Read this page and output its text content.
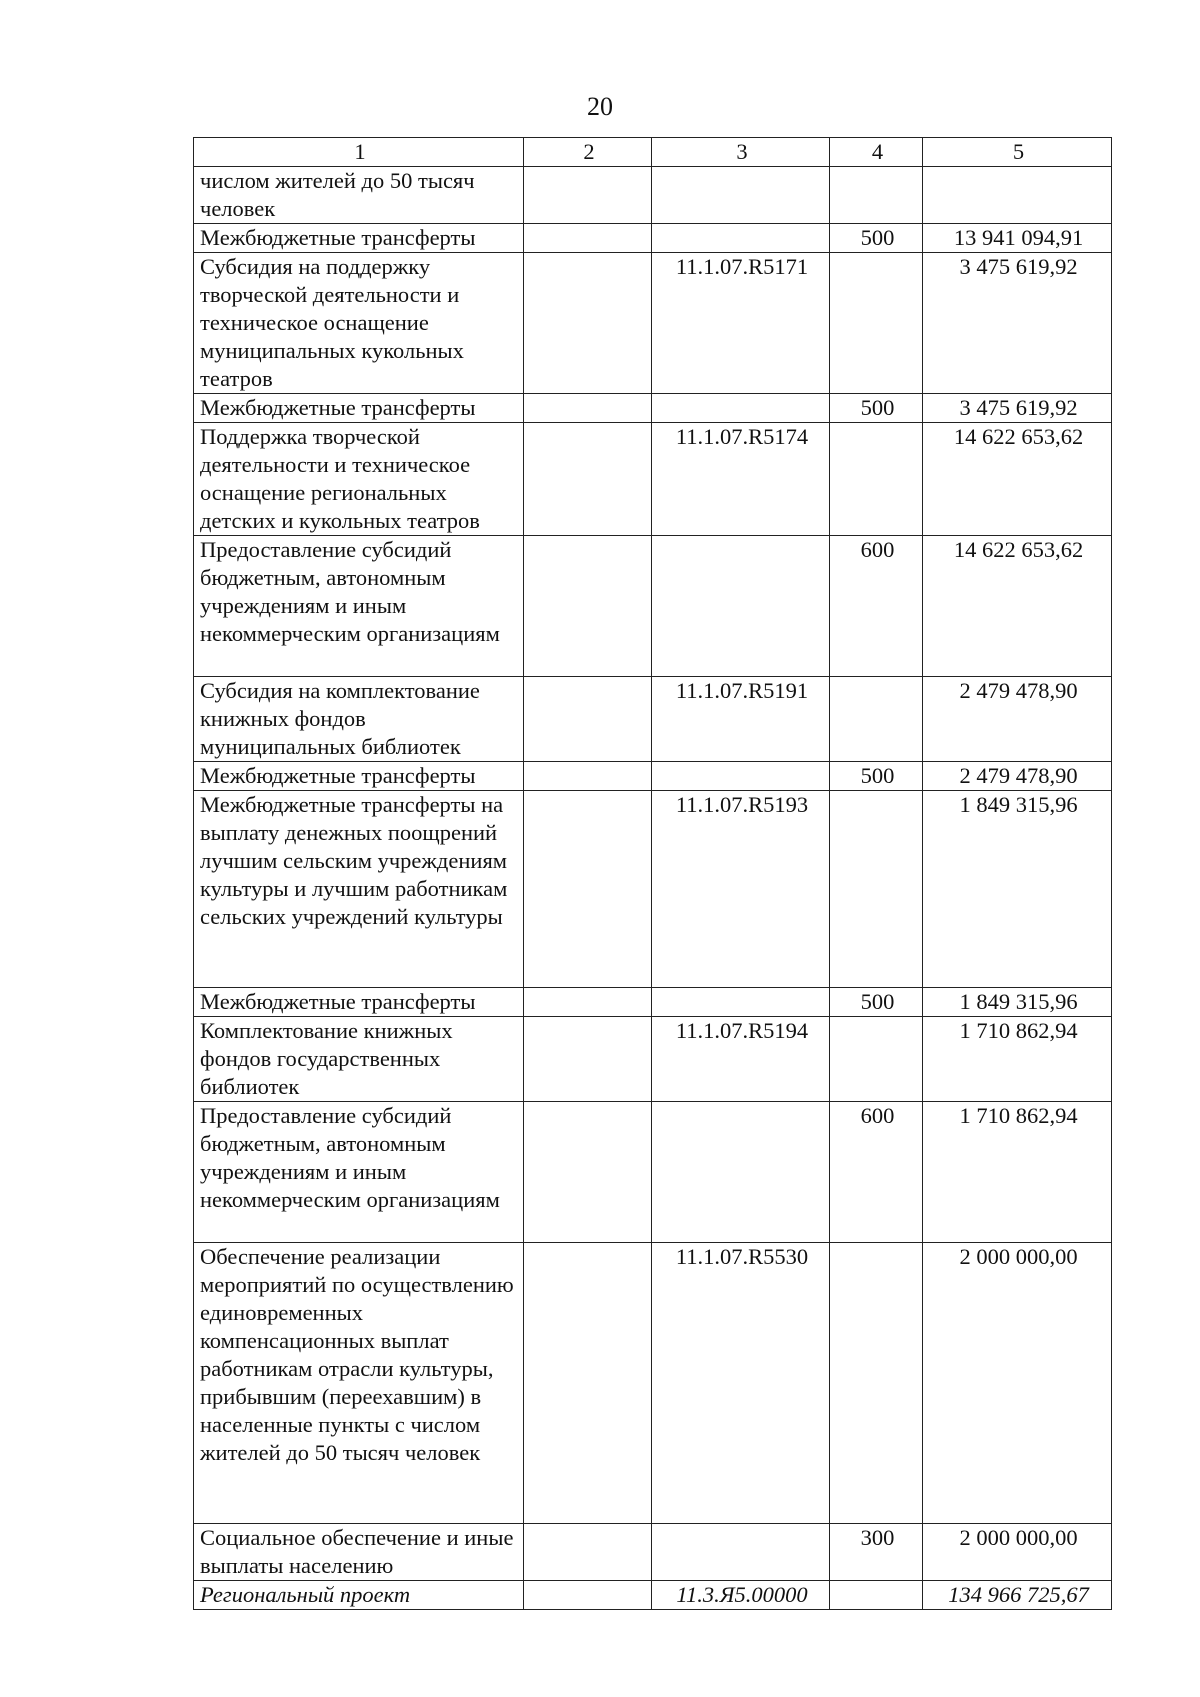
20
1	2	3	4	5
числом жителей до 50 тысяч человек				
Межбюджетные трансферты			500	13 941 094,91
Субсидия на поддержку творческой деятельности и техническое оснащение муниципальных кукольных театров		11.1.07.R5171		3 475 619,92
Межбюджетные трансферты			500	3 475 619,92
Поддержка творческой деятельности и техническое оснащение региональных детских и кукольных театров		11.1.07.R5174		14 622 653,62
Предоставление субсидий бюджетным, автономным учреждениям и иным некоммерческим организациям			600	14 622 653,62
Субсидия на комплектование книжных фондов муниципальных библиотек		11.1.07.R5191		2 479 478,90
Межбюджетные трансферты			500	2 479 478,90
Межбюджетные трансферты на выплату денежных поощрений лучшим сельским учреждениям культуры и лучшим работникам сельских учреждений культуры		11.1.07.R5193		1 849 315,96
Межбюджетные трансферты			500	1 849 315,96
Комплектование книжных фондов государственных библиотек		11.1.07.R5194		1 710 862,94
Предоставление субсидий бюджетным, автономным учреждениям и иным некоммерческим организациям			600	1 710 862,94
Обеспечение реализации мероприятий по осуществлению единовременных компенсационных выплат работникам отрасли культуры, прибывшим (переехавшим) в населенные пункты с числом жителей до 50 тысяч человек		11.1.07.R5530		2 000 000,00
Социальное обеспечение и иные выплаты населению			300	2 000 000,00
Региональный проект		11.3.Я5.00000		134 966 725,67
